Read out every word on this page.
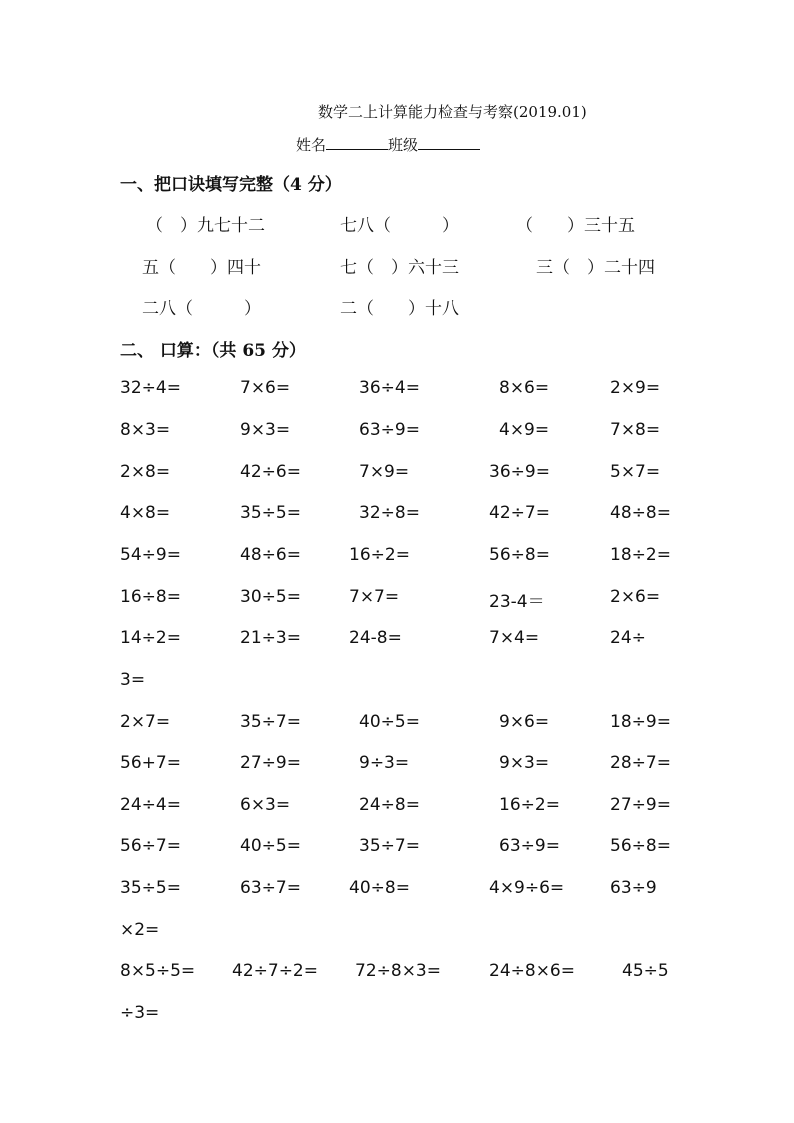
数学二上计算能力检查与考察(2019.01)
姓名	班级
一、把口诀填写完整（4 分）
（　）九七十二	七八（　　　）	（　　）三十五
五（　　）四十	七（　）六十三	三（　）二十四
二八（　　　）	二（　　）十八
二、 口算：（共 65 分）
32÷4=	7×6=	36÷4=	8×6=	2×9=
8×3=	9×3=	63÷9=	4×9=	7×8=
2×8=	42÷6=	7×9=	36÷9=	5×7=
4×8=	35÷5=	32÷8=	42÷7=	48÷8=
54÷9=	48÷6=	16÷2=	56÷8=	18÷2=
16÷8=	30÷5=	7×7=	23-4＝	2×6=
14÷2=	21÷3=	24-8=	7×4=	24÷
3=
2×7=	35÷7=	40÷5=	9×6=	18÷9=
56+7=	27÷9=	9÷3=	9×3=	28÷7=
24÷4=	6×3=	24÷8=	16÷2=	27÷9=
56÷7=	40÷5=	35÷7=	63÷9=	56÷8=
35÷5=	63÷7=	40÷8=	4×9÷6=	63÷9
×2=
8×5÷5= 42÷7÷2= 72÷8×3=	24÷8×6=	45÷5
÷3=
